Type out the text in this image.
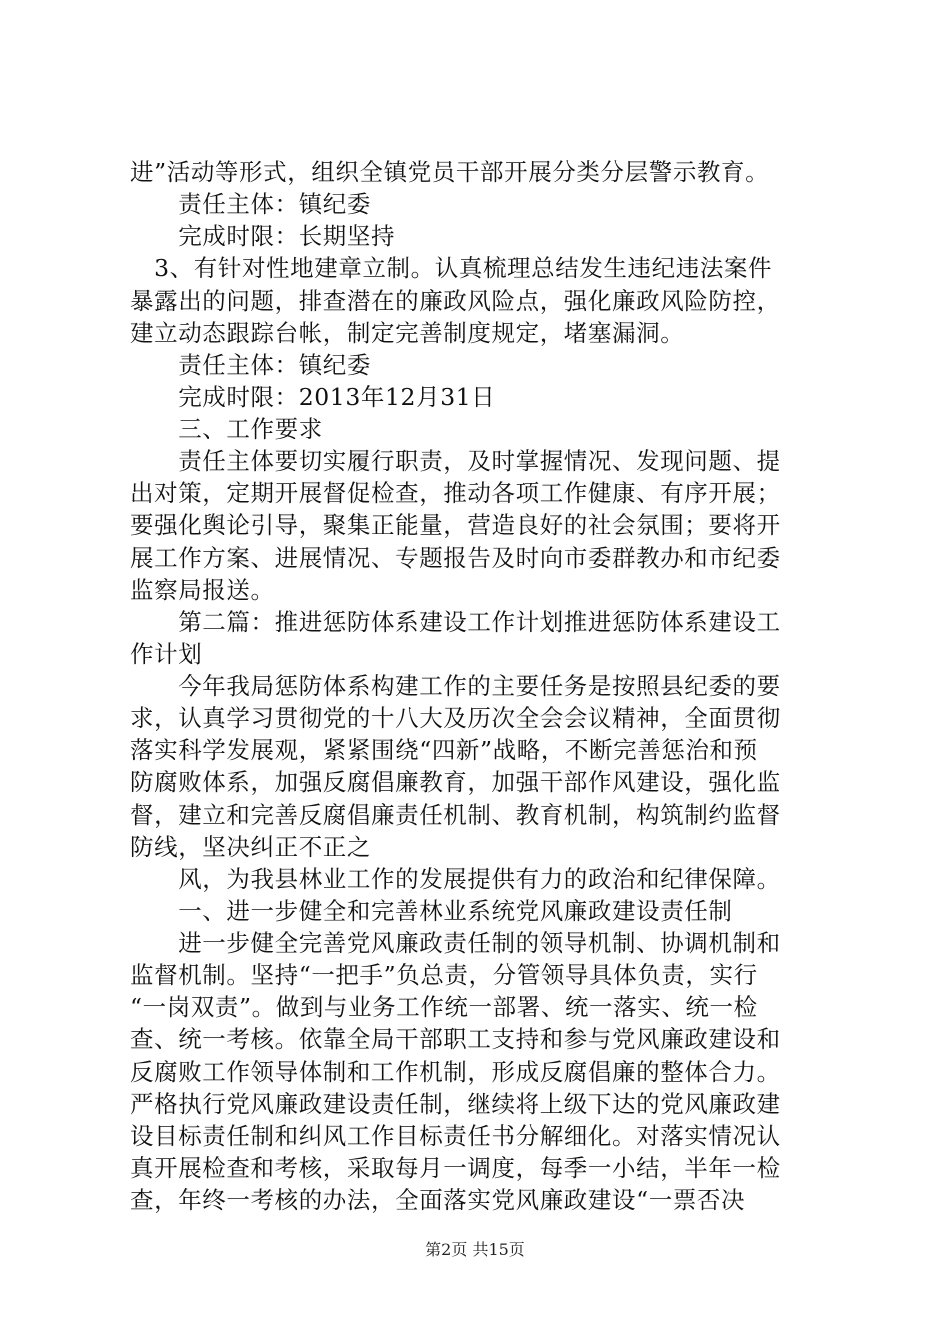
进”活动等形式，组织全镇党员干部开展分类分层警示教育。
　　责任主体：镇纪委
　　完成时限：长期坚持
　3、有针对性地建章立制。认真梳理总结发生违纪违法案件
暴露出的问题，排查潜在的廉政风险点，强化廉政风险防控，
建立动态跟踪台帐，制定完善制度规定，堵塞漏洞。
　　责任主体：镇纪委
　　完成时限：2013年12月31日
　　三、工作要求
　　责任主体要切实履行职责，及时掌握情况、发现问题、提
出对策，定期开展督促检查，推动各项工作健康、有序开展；
要强化舆论引导，聚集正能量，营造良好的社会氛围；要将开
展工作方案、进展情况、专题报告及时向市委群教办和市纪委
监察局报送。
　　第二篇：推进惩防体系建设工作计划推进惩防体系建设工
作计划
　　今年我局惩防体系构建工作的主要任务是按照县纪委的要
求，认真学习贯彻党的十八大及历次全会会议精神，全面贯彻
落实科学发展观，紧紧围绕“四新”战略，不断完善惩治和预
防腐败体系，加强反腐倡廉教育，加强干部作风建设，强化监
督，建立和完善反腐倡廉责任机制、教育机制，构筑制约监督
防线，坚决纠正不正之
　　风，为我县林业工作的发展提供有力的政治和纪律保障。
　　一、进一步健全和完善林业系统党风廉政建设责任制
　　进一步健全完善党风廉政责任制的领导机制、协调机制和
监督机制。坚持“一把手”负总责，分管领导具体负责，实行
“一岗双责”。做到与业务工作统一部署、统一落实、统一检
查、统一考核。依靠全局干部职工支持和参与党风廉政建设和
反腐败工作领导体制和工作机制，形成反腐倡廉的整体合力。
严格执行党风廉政建设责任制，继续将上级下达的党风廉政建
设目标责任制和纠风工作目标责任书分解细化。对落实情况认
真开展检查和考核，采取每月一调度，每季一小结，半年一检
查，年终一考核的办法，全面落实党风廉政建设“一票否决
第2页 共15页
